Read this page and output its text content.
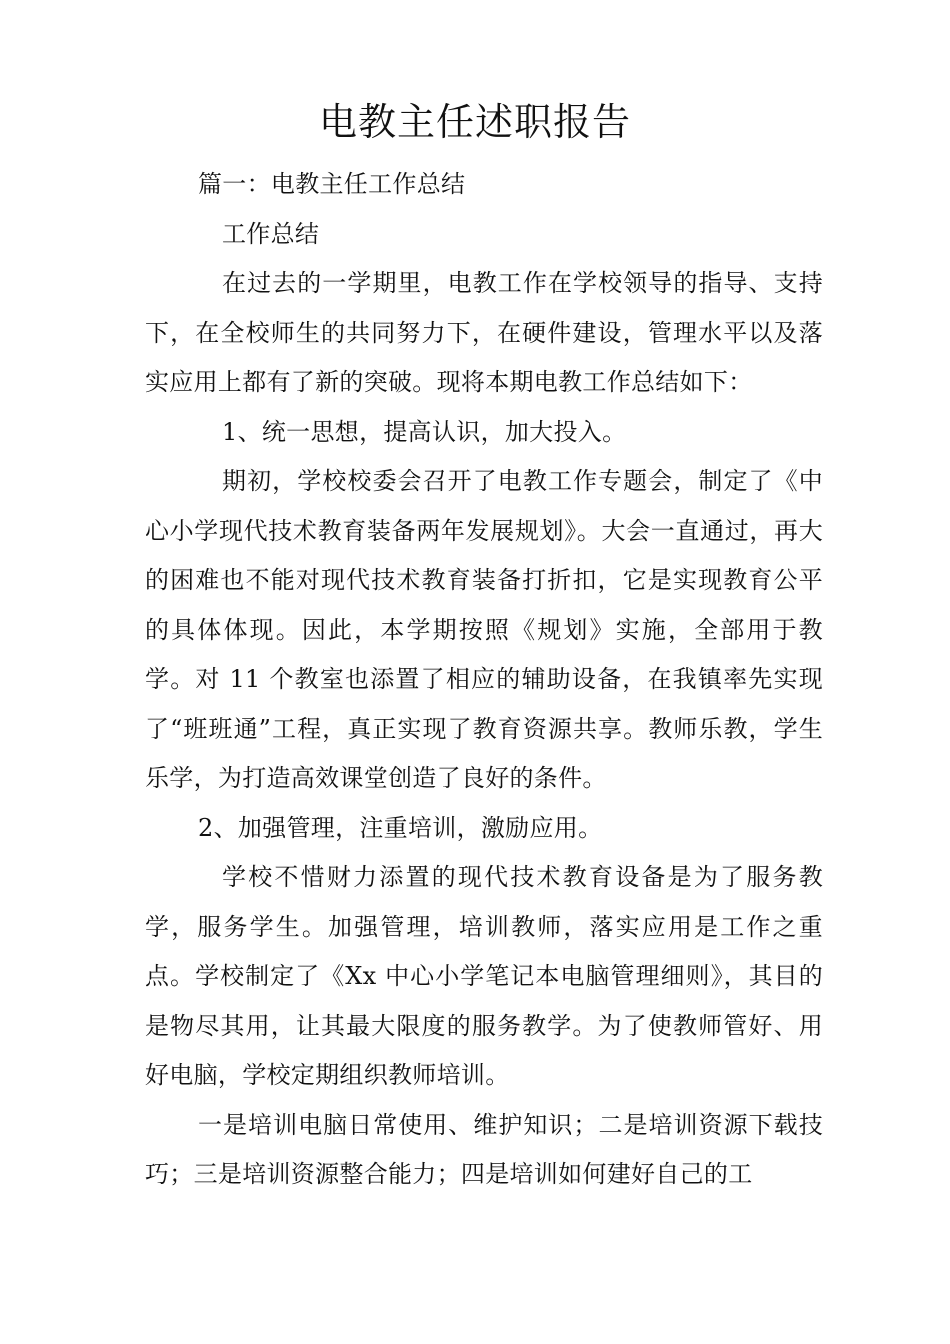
电教主任述职报告

篇一：电教主任工作总结

工作总结

在过去的一学期里，电教工作在学校领导的指导、支持下，在全校师生的共同努力下，在硬件建设，管理水平以及落实应用上都有了新的突破。现将本期电教工作总结如下：

1、统一思想，提高认识，加大投入。

期初，学校校委会召开了电教工作专题会，制定了《中心小学现代技术教育装备两年发展规划》。大会一直通过，再大的困难也不能对现代技术教育装备打折扣，它是实现教育公平的具体体现。因此，本学期按照《规划》实施，全部用于教学。对 11 个教室也添置了相应的辅助设备，在我镇率先实现了“班班通”工程，真正实现了教育资源共享。教师乐教，学生乐学，为打造高效课堂创造了良好的条件。

2、加强管理，注重培训，激励应用。

学校不惜财力添置的现代技术教育设备是为了服务教学，服务学生。加强管理，培训教师，落实应用是工作之重点。学校制定了《Xx 中心小学笔记本电脑管理细则》，其目的是物尽其用，让其最大限度的服务教学。为了使教师管好、用好电脑，学校定期组织教师培训。

一是培训电脑日常使用、维护知识；二是培训资源下载技巧；三是培训资源整合能力；四是培训如何建好自己的工
